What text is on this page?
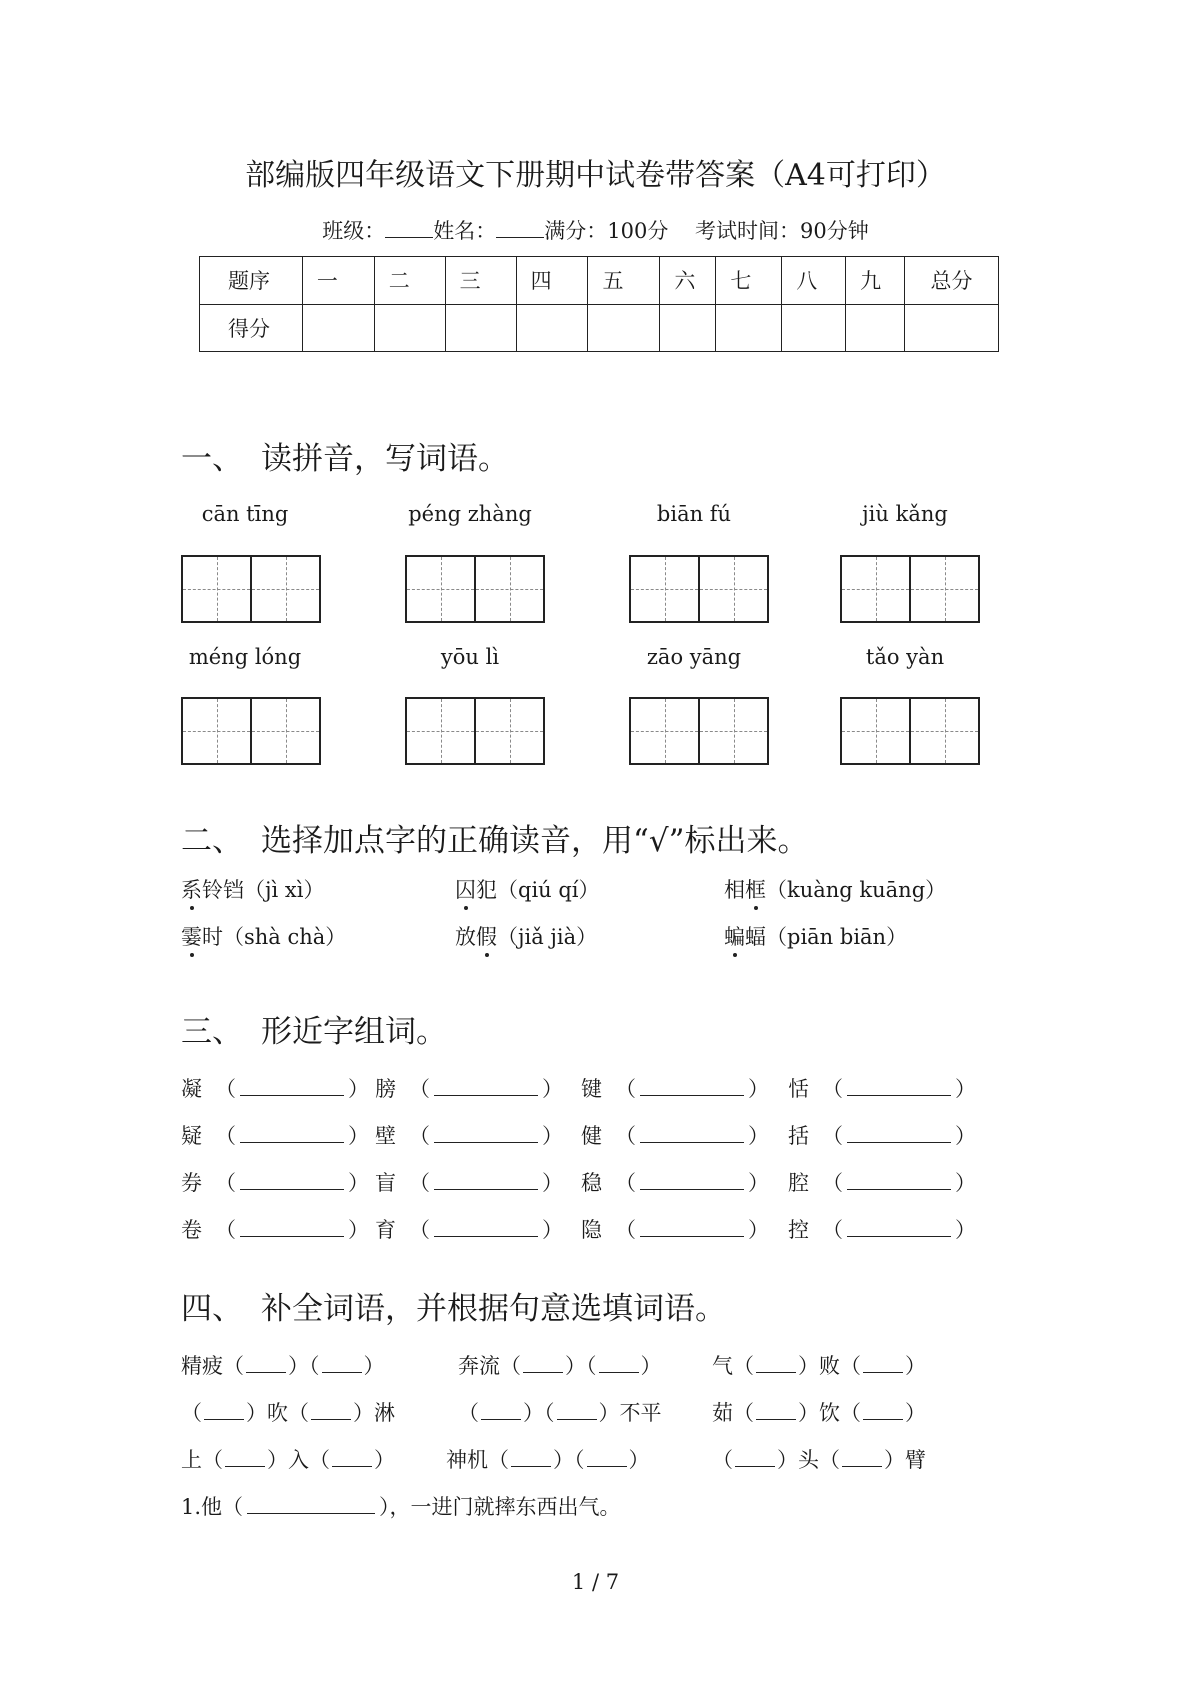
部编版四年级语文下册期中试卷带答案（A4可打印）
班级： 姓名： 满分：100分 考试时间：90分钟
题序	一	二	三	四	五	六	七	八	九	总分
得分										
一、 读拼音，写词语。
cān tīng	péng zhàng	biān fú	jiù kǎng
méng lóng	yōu lì	zāo yāng	tǎo yàn
二、 选择加点字的正确读音，用“√”标出来。
系铃铛（jì xì）	囚犯（qiú qí）	相框（kuàng kuāng）
霎时（shà chà）	放假（jiǎ jià）	蝙蝠（piān biān）
三、 形近字组词。
凝 （	） 膀 （	） 键 （	） 恬 （	）
疑 （	） 壁 （	） 健 （	） 括 （	）
券 （	） 盲 （	） 稳 （	） 腔 （	）
卷 （	） 育 （	） 隐 （	） 控 （	）
四、 补全词语，并根据句意选填词语。
精疲（ ）（ ）	奔流（ ）（ ） 气（ ）败（ ）
（ ）吹（ ）淋	（ ）（ ）不平 茹（ ）饮（ ）
上（ ）入（ ） 神机（ ）（ ）	（ ）头（ ）臂
1.他（	），一进门就摔东西出气。
1 / 7
